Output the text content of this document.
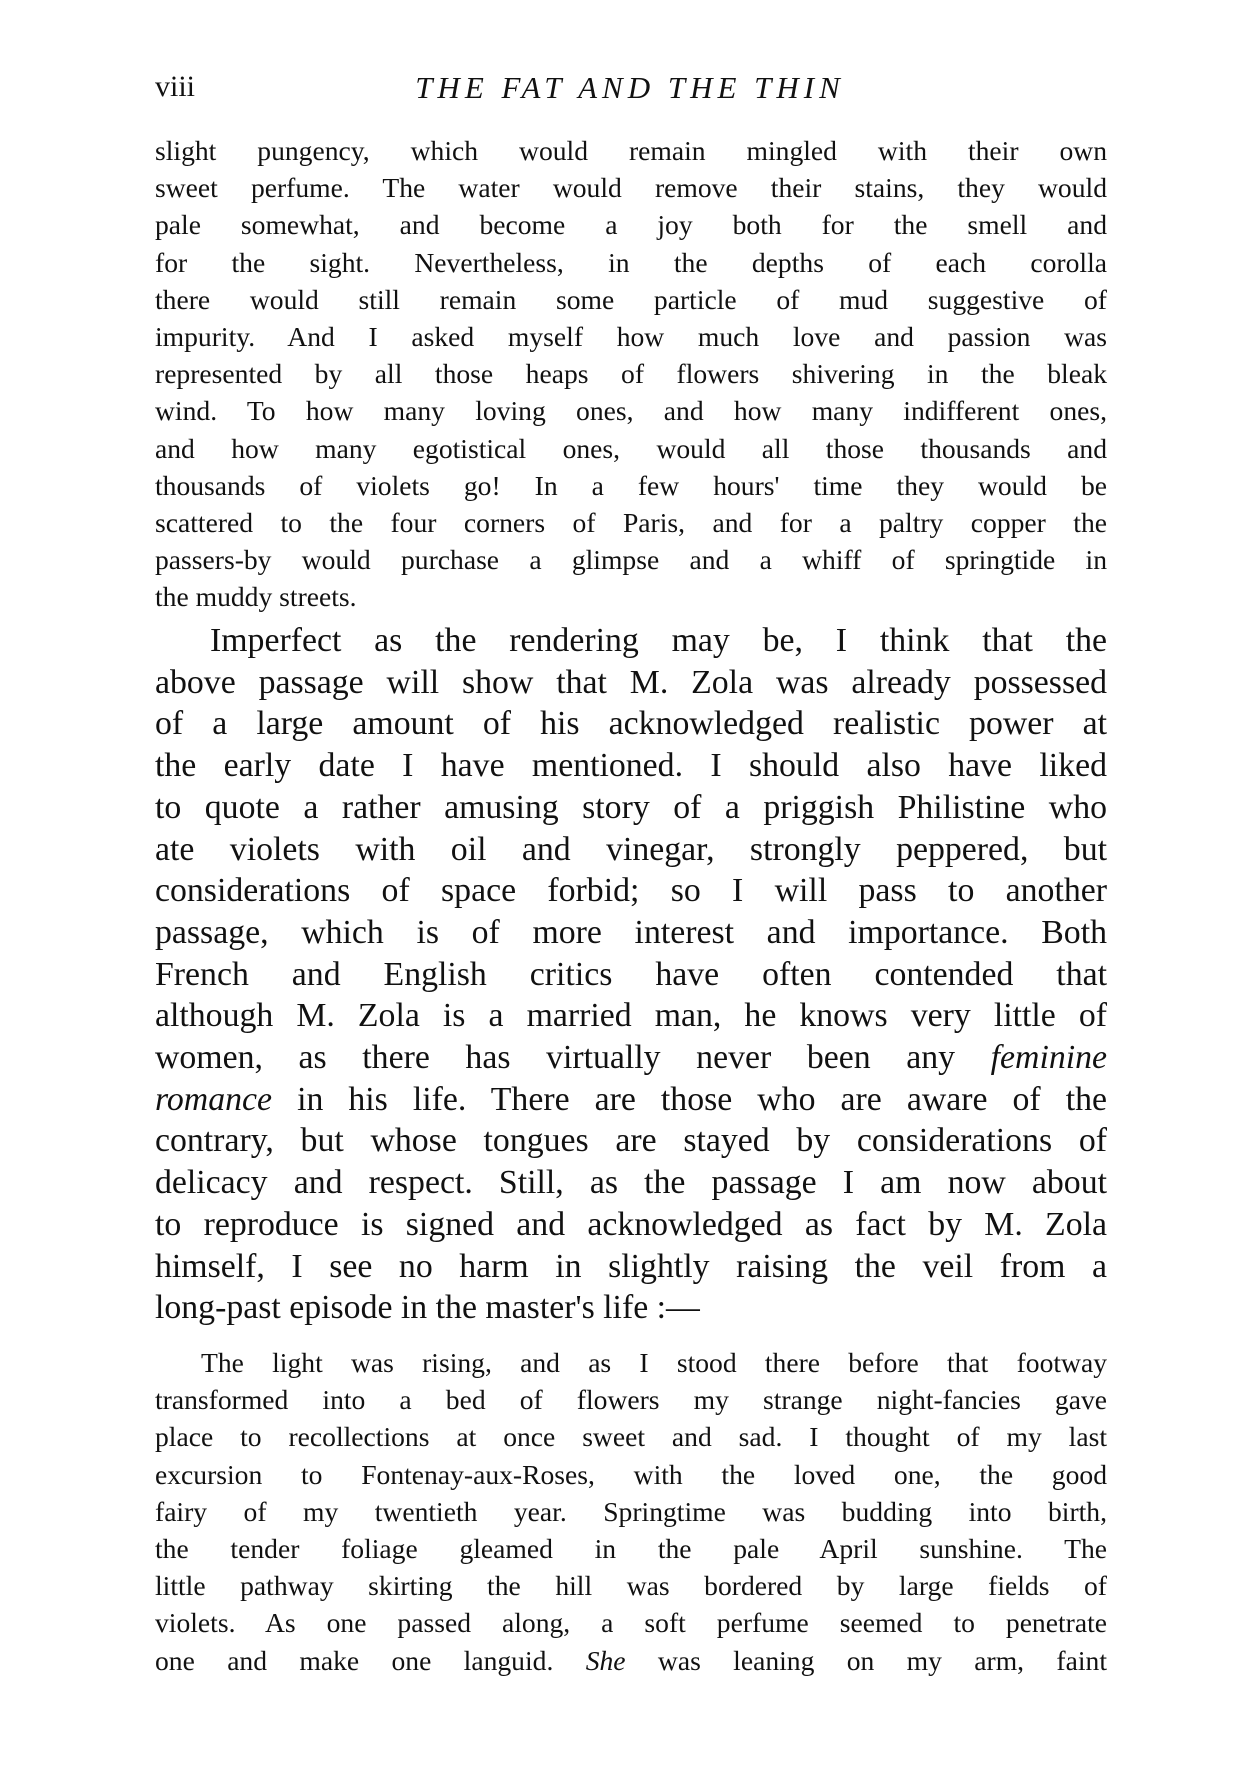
viii	THE FAT AND THE THIN
slight pungency, which would remain mingled with their own
sweet perfume. The water would remove their stains, they would
pale somewhat, and become a joy both for the smell and
for the sight. Nevertheless, in the depths of each corolla
there would still remain some particle of mud suggestive of
impurity. And I asked myself how much love and passion was
represented by all those heaps of flowers shivering in the bleak
wind. To how many loving ones, and how many indifferent ones,
and how many egotistical ones, would all those thousands and
thousands of violets go! In a few hours' time they would be
scattered to the four corners of Paris, and for a paltry copper the
passers-by would purchase a glimpse and a whiff of springtide in
the muddy streets.
Imperfect as the rendering may be, I think that the
above passage will show that M. Zola was already possessed
of a large amount of his acknowledged realistic power at
the early date I have mentioned. I should also have liked
to quote a rather amusing story of a priggish Philistine who
ate violets with oil and vinegar, strongly peppered, but
considerations of space forbid; so I will pass to another
passage, which is of more interest and importance. Both
French and English critics have often contended that
although M. Zola is a married man, he knows very little of
women, as there has virtually never been any feminine
romance in his life. There are those who are aware of the
contrary, but whose tongues are stayed by considerations of
delicacy and respect. Still, as the passage I am now about
to reproduce is signed and acknowledged as fact by M. Zola
himself, I see no harm in slightly raising the veil from a
long-past episode in the master's life :—
The light was rising, and as I stood there before that footway
transformed into a bed of flowers my strange night-fancies gave
place to recollections at once sweet and sad. I thought of my last
excursion to Fontenay-aux-Roses, with the loved one, the good
fairy of my twentieth year. Springtime was budding into birth,
the tender foliage gleamed in the pale April sunshine. The
little pathway skirting the hill was bordered by large fields of
violets. As one passed along, a soft perfume seemed to penetrate
one and make one languid. She was leaning on my arm, faint
